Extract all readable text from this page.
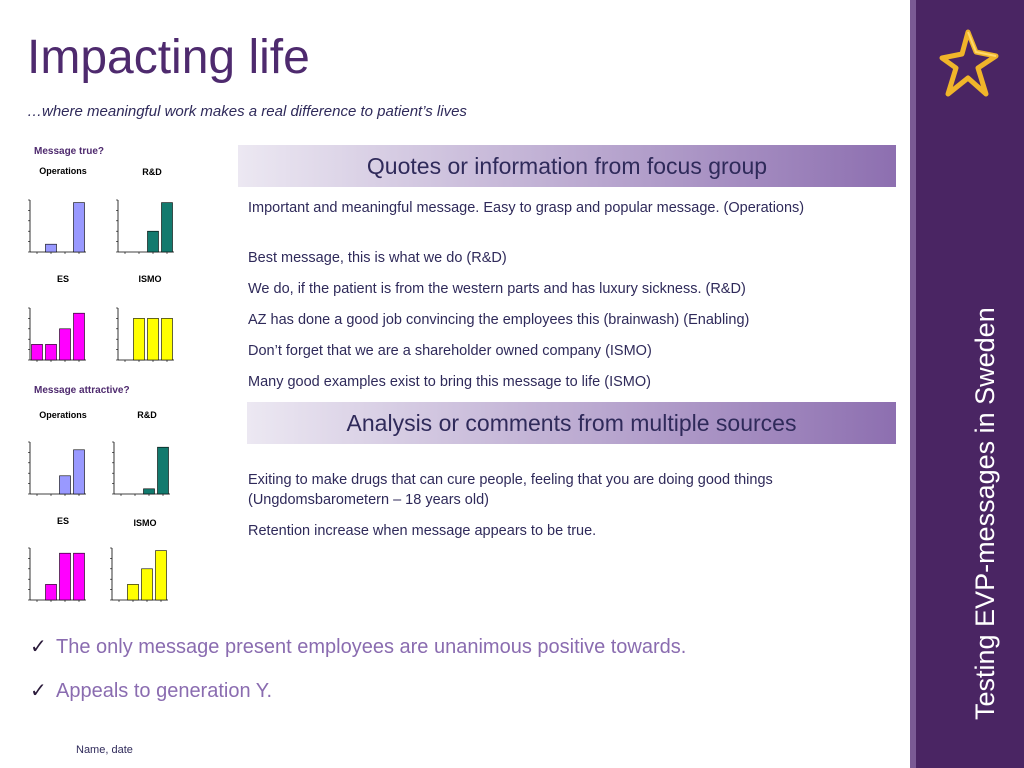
Impacting life
…where meaningful work makes a real difference to patient’s lives
Testing EVP-messages in Sweden
Message true?
Message attractive?
Operations	R&D
ES	ISMO
Operations	R&D
ES	ISMO
Quotes or information from focus group
Important and meaningful message. Easy to grasp and popular message. (Operations)
Best message, this is what we do (R&D)
We do, if the patient is from the western parts and has luxury sickness. (R&D)
AZ has done a good job convincing the employees this (brainwash) (Enabling)
Don’t forget that we are a shareholder owned company (ISMO)
Many good examples exist to bring this message to life (ISMO)
Analysis or comments from multiple sources
Exiting to make drugs that can cure people, feeling that you are doing good things (Ungdomsbarometern – 18 years old)
Retention increase when message appears to be true.
✓ The only message present employees are unanimous positive towards.
✓ Appeals to generation Y.
Name, date
